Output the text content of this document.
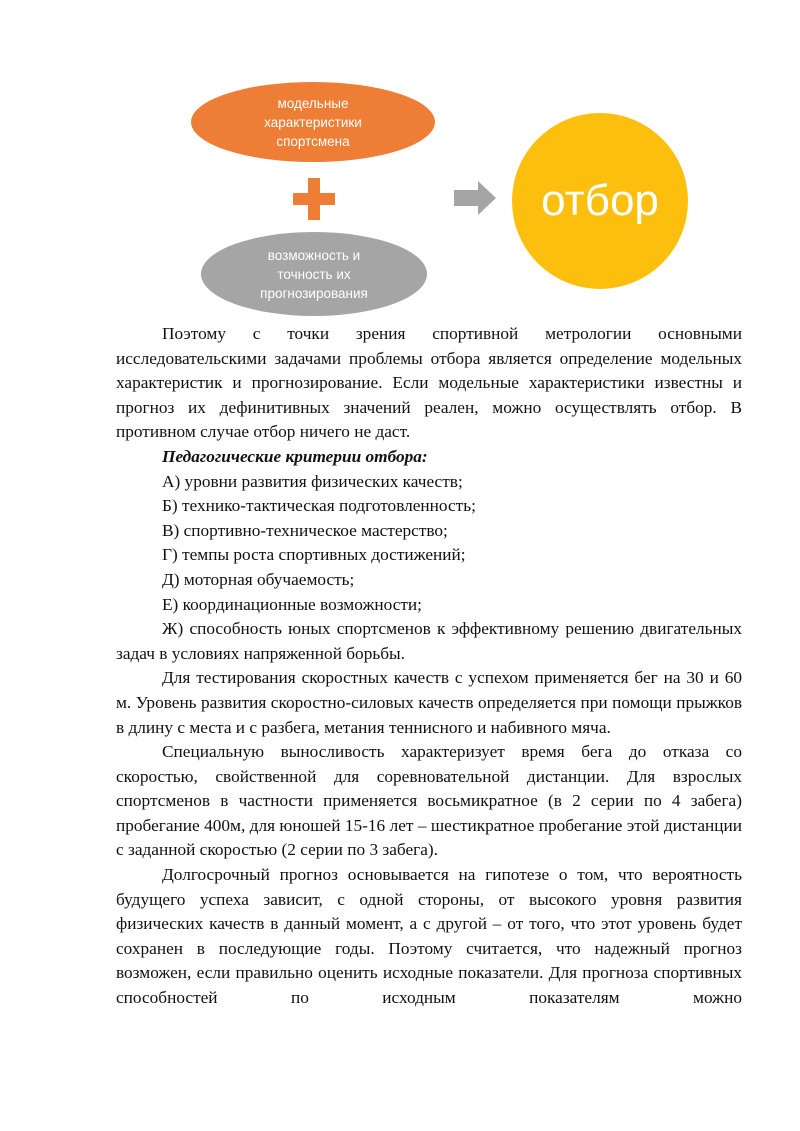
модельные
характеристики
спортсмена
возможность и
точность их
прогнозирования
отбор

Поэтому с точки зрения спортивной метрологии основными исследовательскими задачами проблемы отбора является определение модельных характеристик и прогнозирование. Если модельные характеристики известны и прогноз их дефинитивных значений реален, можно осуществлять отбор. В противном случае отбор ничего не даст.

Педагогические критерии отбора:

А) уровни развития физических качеств;

Б) технико-тактическая подготовленность;

В) спортивно-техническое мастерство;

Г) темпы роста спортивных достижений;

Д) моторная обучаемость;

Е) координационные возможности;

Ж) способность юных спортсменов к эффективному решению двигательных задач в условиях напряженной борьбы.

Для тестирования скоростных качеств с успехом применяется бег на 30 и 60 м. Уровень развития скоростно-силовых качеств определяется при помощи прыжков в длину с места и с разбега, метания теннисного и набивного мяча.

Специальную выносливость характеризует время бега до отказа со скоростью, свойственной для соревновательной дистанции. Для взрослых спортсменов в частности применяется восьмикратное (в 2 серии по 4 забега) пробегание 400м, для юношей 15-16 лет – шестикратное пробегание этой дистанции с заданной скоростью (2 серии по 3 забега).

Долгосрочный прогноз основывается на гипотезе о том, что вероятность будущего успеха зависит, с одной стороны, от высокого уровня развития физических качеств в данный момент, а с другой – от того, что этот уровень будет сохранен в последующие годы. Поэтому считается, что надежный прогноз возможен, если правильно оценить исходные показатели. Для прогноза спортивных способностей по исходным показателям можно
